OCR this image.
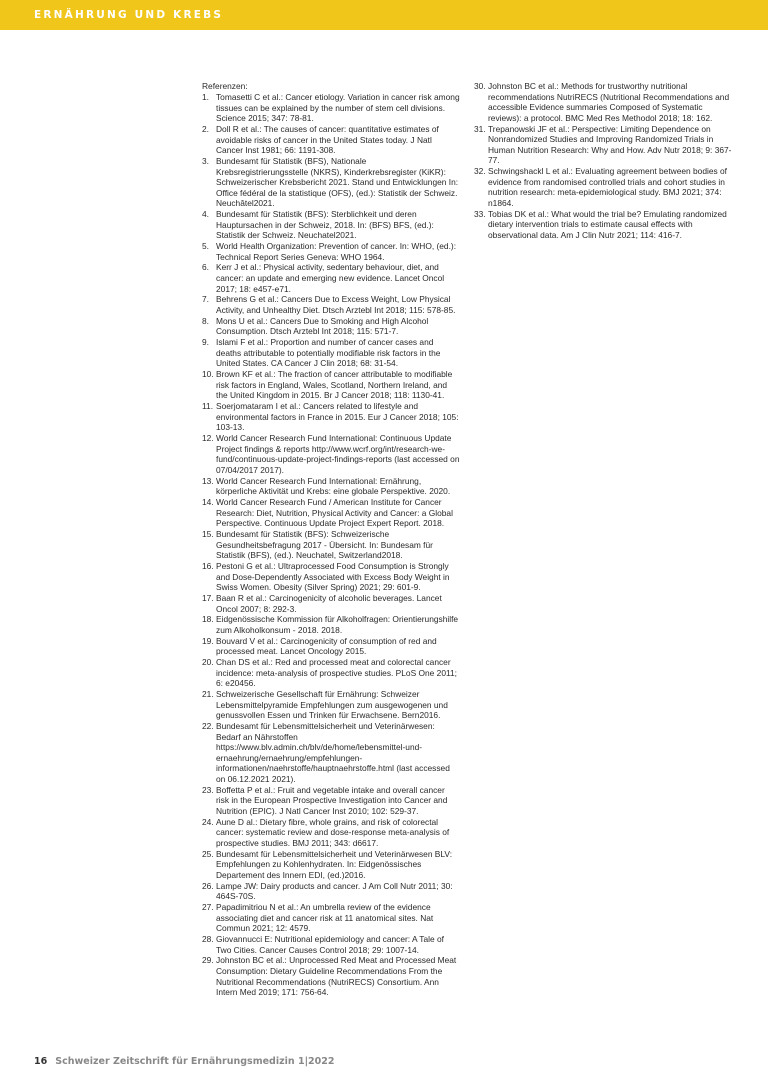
ERNÄHRUNG UND KREBS
Referenzen:
1. Tomasetti C et al.: Cancer etiology. Variation in cancer risk among tissues can be explained by the number of stem cell divisions. Science 2015; 347: 78-81.
2. Doll R et al.: The causes of cancer: quantitative estimates of avoidable risks of cancer in the United States today. J Natl Cancer Inst 1981; 66: 1191-308.
3. Bundesamt für Statistik (BFS), Nationale Krebsregistrierungsstelle (NKRS), Kinderkrebsregister (KiKR): Schweizerischer Krebsbericht 2021. Stand und Entwicklungen In: Office fédéral de la statistique (OFS), (ed.): Statistik der Schweiz. Neuchâtel2021.
4. Bundesamt für Statistik (BFS): Sterblichkeit und deren Hauptursachen in der Schweiz, 2018. In: (BFS) BFS, (ed.): Statistik der Schweiz. Neuchatel2021.
5. World Health Organization: Prevention of cancer. In: WHO, (ed.): Technical Report Series Geneva: WHO 1964.
6. Kerr J et al.: Physical activity, sedentary behaviour, diet, and cancer: an update and emerging new evidence. Lancet Oncol 2017; 18: e457-e71.
7. Behrens G et al.: Cancers Due to Excess Weight, Low Physical Activity, and Unhealthy Diet. Dtsch Arztebl Int 2018; 115: 578-85.
8. Mons U et al.: Cancers Due to Smoking and High Alcohol Consumption. Dtsch Arztebl Int 2018; 115: 571-7.
9. Islami F et al.: Proportion and number of cancer cases and deaths attributable to potentially modifiable risk factors in the United States. CA Cancer J Clin 2018; 68: 31-54.
10. Brown KF et al.: The fraction of cancer attributable to modifiable risk factors in England, Wales, Scotland, Northern Ireland, and the United Kingdom in 2015. Br J Cancer 2018; 118: 1130-41.
11. Soerjomataram I et al.: Cancers related to lifestyle and environmental factors in France in 2015. Eur J Cancer 2018; 105: 103-13.
12. World Cancer Research Fund International: Continuous Update Project findings & reports http://www.wcrf.org/int/research-we-fund/continuous-update-project-findings-reports (last accessed on 07/04/2017 2017).
13. World Cancer Research Fund International: Ernährung, körperliche Aktivität und Krebs: eine globale Perspektive. 2020.
14. World Cancer Research Fund / American Institute for Cancer Research: Diet, Nutrition, Physical Activity and Cancer: a Global Perspective. Continuous Update Project Expert Report. 2018.
15. Bundesamt für Statistik (BFS): Schweizerische Gesundheitsbefragung 2017 - Übersicht. In: Bundesam für Statistik (BFS), (ed.). Neuchatel, Switzerland2018.
16. Pestoni G et al.: Ultraprocessed Food Consumption is Strongly and Dose-Dependently Associated with Excess Body Weight in Swiss Women. Obesity (Silver Spring) 2021; 29: 601-9.
17. Baan R et al.: Carcinogenicity of alcoholic beverages. Lancet Oncol 2007; 8: 292-3.
18. Eidgenössische Kommission für Alkoholfragen: Orientierungshilfe zum Alkoholkonsum - 2018. 2018.
19. Bouvard V et al.: Carcinogenicity of consumption of red and processed meat. Lancet Oncology 2015.
20. Chan DS et al.: Red and processed meat and colorectal cancer incidence: meta-analysis of prospective studies. PLoS One 2011; 6: e20456.
21. Schweizerische Gesellschaft für Ernährung: Schweizer Lebensmittelpyramide Empfehlungen zum ausgewogenen und genussvollen Essen und Trinken für Erwachsene. Bern2016.
22. Bundesamt für Lebensmittelsicherheit und Veterinärwesen: Bedarf an Nährstoffen https://www.blv.admin.ch/blv/de/home/lebensmittel-und-ernaehrung/ernaehrung/empfehlungen-informationen/naehrstoffe/hauptnaehrstoffe.html (last accessed on 06.12.2021 2021).
23. Boffetta P et al.: Fruit and vegetable intake and overall cancer risk in the European Prospective Investigation into Cancer and Nutrition (EPIC). J Natl Cancer Inst 2010; 102: 529-37.
24. Aune D al.: Dietary fibre, whole grains, and risk of colorectal cancer: systematic review and dose-response meta-analysis of prospective studies. BMJ 2011; 343: d6617.
25. Bundesamt für Lebensmittelsicherheit und Veterinärwesen BLV: Empfehlungen zu Kohlenhydraten. In: Eidgenössisches Departement des Innern EDI, (ed.)2016.
26. Lampe JW: Dairy products and cancer. J Am Coll Nutr 2011; 30: 464S-70S.
27. Papadimitriou N et al.: An umbrella review of the evidence associating diet and cancer risk at 11 anatomical sites. Nat Commun 2021; 12: 4579.
28. Giovannucci E: Nutritional epidemiology and cancer: A Tale of Two Cities. Cancer Causes Control 2018; 29: 1007-14.
29. Johnston BC et al.: Unprocessed Red Meat and Processed Meat Consumption: Dietary Guideline Recommendations From the Nutritional Recommendations (NutriRECS) Consortium. Ann Intern Med 2019; 171: 756-64.
30. Johnston BC et al.: Methods for trustworthy nutritional recommendations NutriRECS (Nutritional Recommendations and accessible Evidence summaries Composed of Systematic reviews): a protocol. BMC Med Res Methodol 2018; 18: 162.
31. Trepanowski JF et al.: Perspective: Limiting Dependence on Nonrandomized Studies and Improving Randomized Trials in Human Nutrition Research: Why and How. Adv Nutr 2018; 9: 367-77.
32. Schwingshackl L et al.: Evaluating agreement between bodies of evidence from randomised controlled trials and cohort studies in nutrition research: meta-epidemiological study. BMJ 2021; 374: n1864.
33. Tobias DK et al.: What would the trial be? Emulating randomized dietary intervention trials to estimate causal effects with observational data. Am J Clin Nutr 2021; 114: 416-7.
16 Schweizer Zeitschrift für Ernährungsmedizin 1|2022
